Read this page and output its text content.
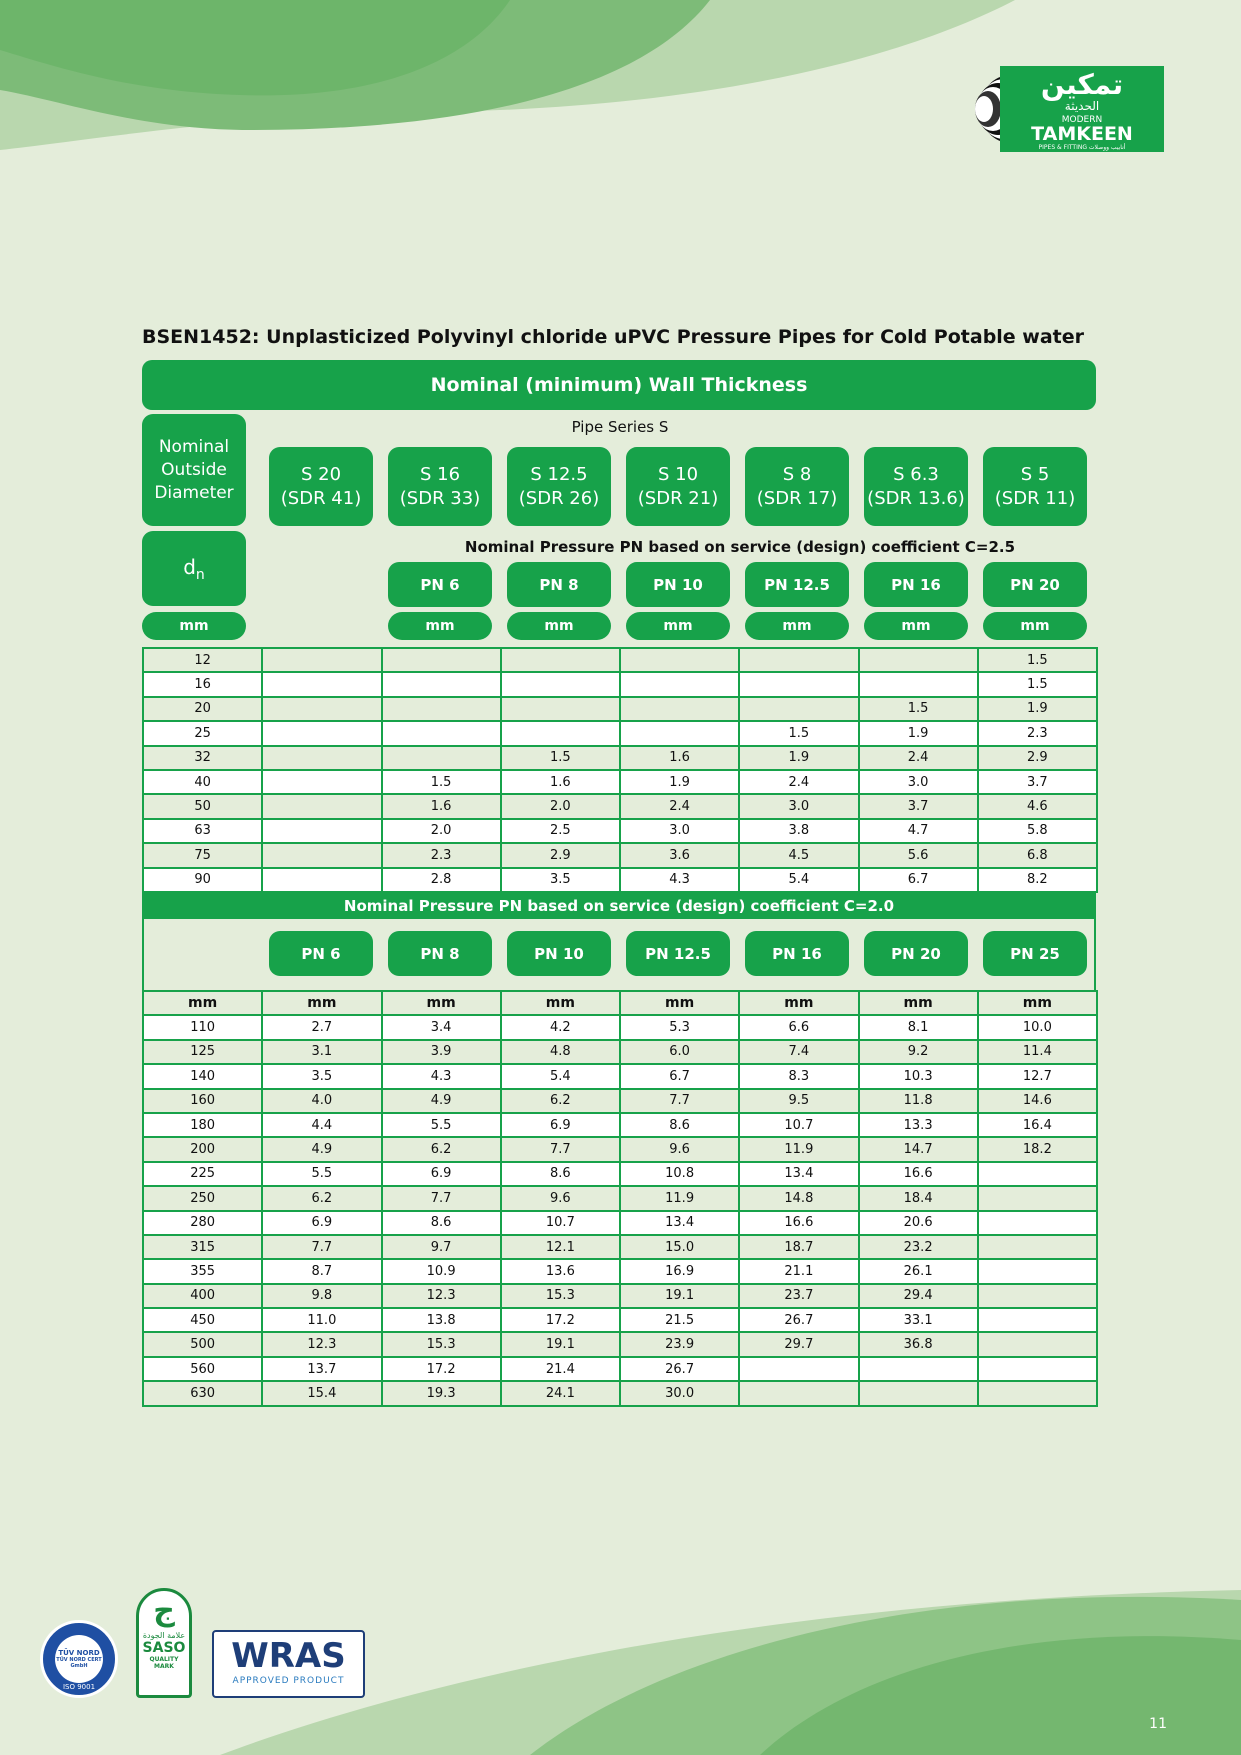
تمكين
الحديثة
MODERN
TAMKEEN
PIPES & FITTING أنابيب ووصلات
BSEN1452: Unplasticized Polyvinyl chloride uPVC Pressure Pipes for Cold Potable water
Nominal (minimum) Wall Thickness
Nominal Outside Diameter
$d_n$
mm
Pipe Series S
S 20
(SDR 41)
S 16
(SDR 33)
S 12.5
(SDR 26)
S 10
(SDR 21)
S 8
(SDR 17)
S 6.3
(SDR 13.6)
S 5
(SDR 11)
Nominal Pressure PN based on service (design) coefficient C=2.5
PN 6	PN 8	PN 10	PN 12.5	PN 16	PN 20
mm	mm	mm	mm	mm	mm
12							1.5
16							1.5
20						1.5	1.9
25					1.5	1.9	2.3
32			1.5	1.6	1.9	2.4	2.9
40		1.5	1.6	1.9	2.4	3.0	3.7
50		1.6	2.0	2.4	3.0	3.7	4.6
63		2.0	2.5	3.0	3.8	4.7	5.8
75		2.3	2.9	3.6	4.5	5.6	6.8
90		2.8	3.5	4.3	5.4	6.7	8.2
Nominal Pressure PN based on service (design) coefficient C=2.0
PN 6	PN 8	PN 10	PN 12.5	PN 16	PN 20	PN 25
mm	mm	mm	mm	mm	mm	mm	mm
110	2.7	3.4	4.2	5.3	6.6	8.1	10.0
125	3.1	3.9	4.8	6.0	7.4	9.2	11.4
140	3.5	4.3	5.4	6.7	8.3	10.3	12.7
160	4.0	4.9	6.2	7.7	9.5	11.8	14.6
180	4.4	5.5	6.9	8.6	10.7	13.3	16.4
200	4.9	6.2	7.7	9.6	11.9	14.7	18.2
225	5.5	6.9	8.6	10.8	13.4	16.6	
250	6.2	7.7	9.6	11.9	14.8	18.4	
280	6.9	8.6	10.7	13.4	16.6	20.6	
315	7.7	9.7	12.1	15.0	18.7	23.2	
355	8.7	10.9	13.6	16.9	21.1	26.1	
400	9.8	12.3	15.3	19.1	23.7	29.4	
450	11.0	13.8	17.2	21.5	26.7	33.1	
500	12.3	15.3	19.1	23.9	29.7	36.8	
560	13.7	17.2	21.4	26.7			
630	15.4	19.3	24.1	30.0			
TÜV NORD
TÜV NORD CERT GmbH
ISO 9001
ج
علامة الجودة
SASO
QUALITY MARK	WRAS
APPROVED PRODUCT
11
